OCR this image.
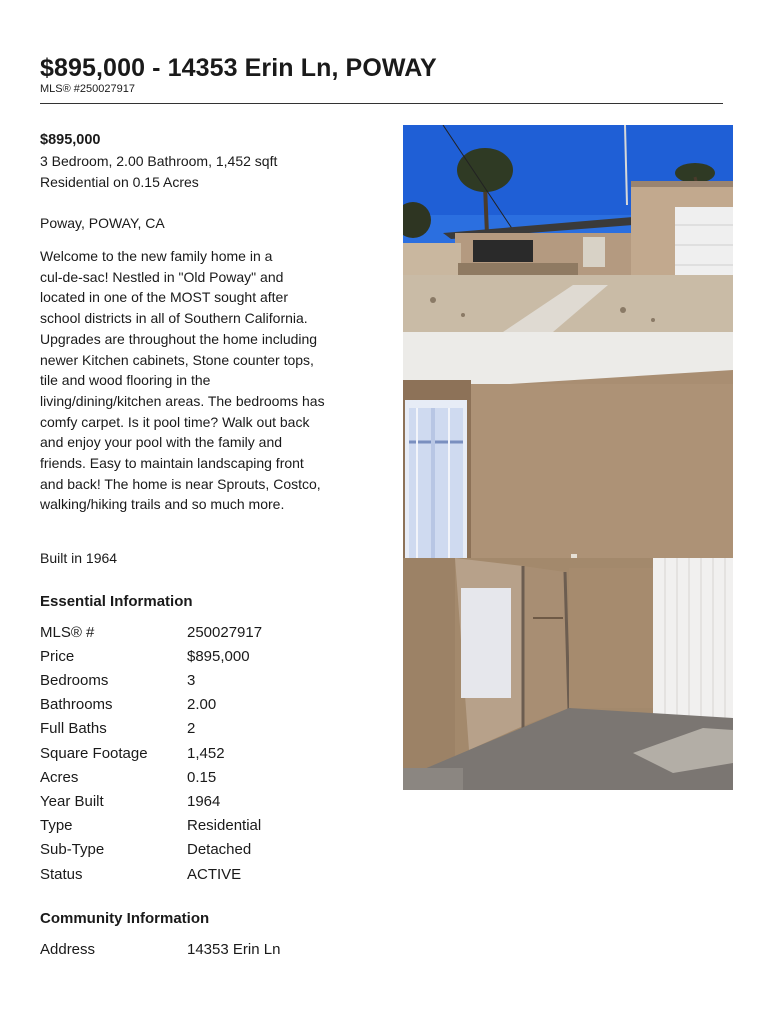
$895,000 - 14353 Erin Ln, POWAY
MLS® #250027917
$895,000
3 Bedroom, 2.00 Bathroom, 1,452 sqft
Residential on 0.15 Acres
Poway, POWAY, CA
Welcome to the new family home in a
cul-de-sac! Nestled in "Old Poway" and
located in one of the MOST sought after
school districts in all of Southern California.
Upgrades are throughout the home including
newer Kitchen cabinets, Stone counter tops,
tile and wood flooring in the
living/dining/kitchen areas. The bedrooms has
comfy carpet. Is it pool time? Walk out back
and enjoy your pool with the family and
friends. Easy to maintain landscaping front
and back! The home is near Sprouts, Costco,
walking/hiking trails and so much more.
Built in 1964
Essential Information
MLS® #	250027917
Price	$895,000
Bedrooms	3
Bathrooms	2.00
Full Baths	2
Square Footage	1,452
Acres	0.15
Year Built	1964
Type	Residential
Sub-Type	Detached
Status	ACTIVE
Community Information
Address	14353 Erin Ln
